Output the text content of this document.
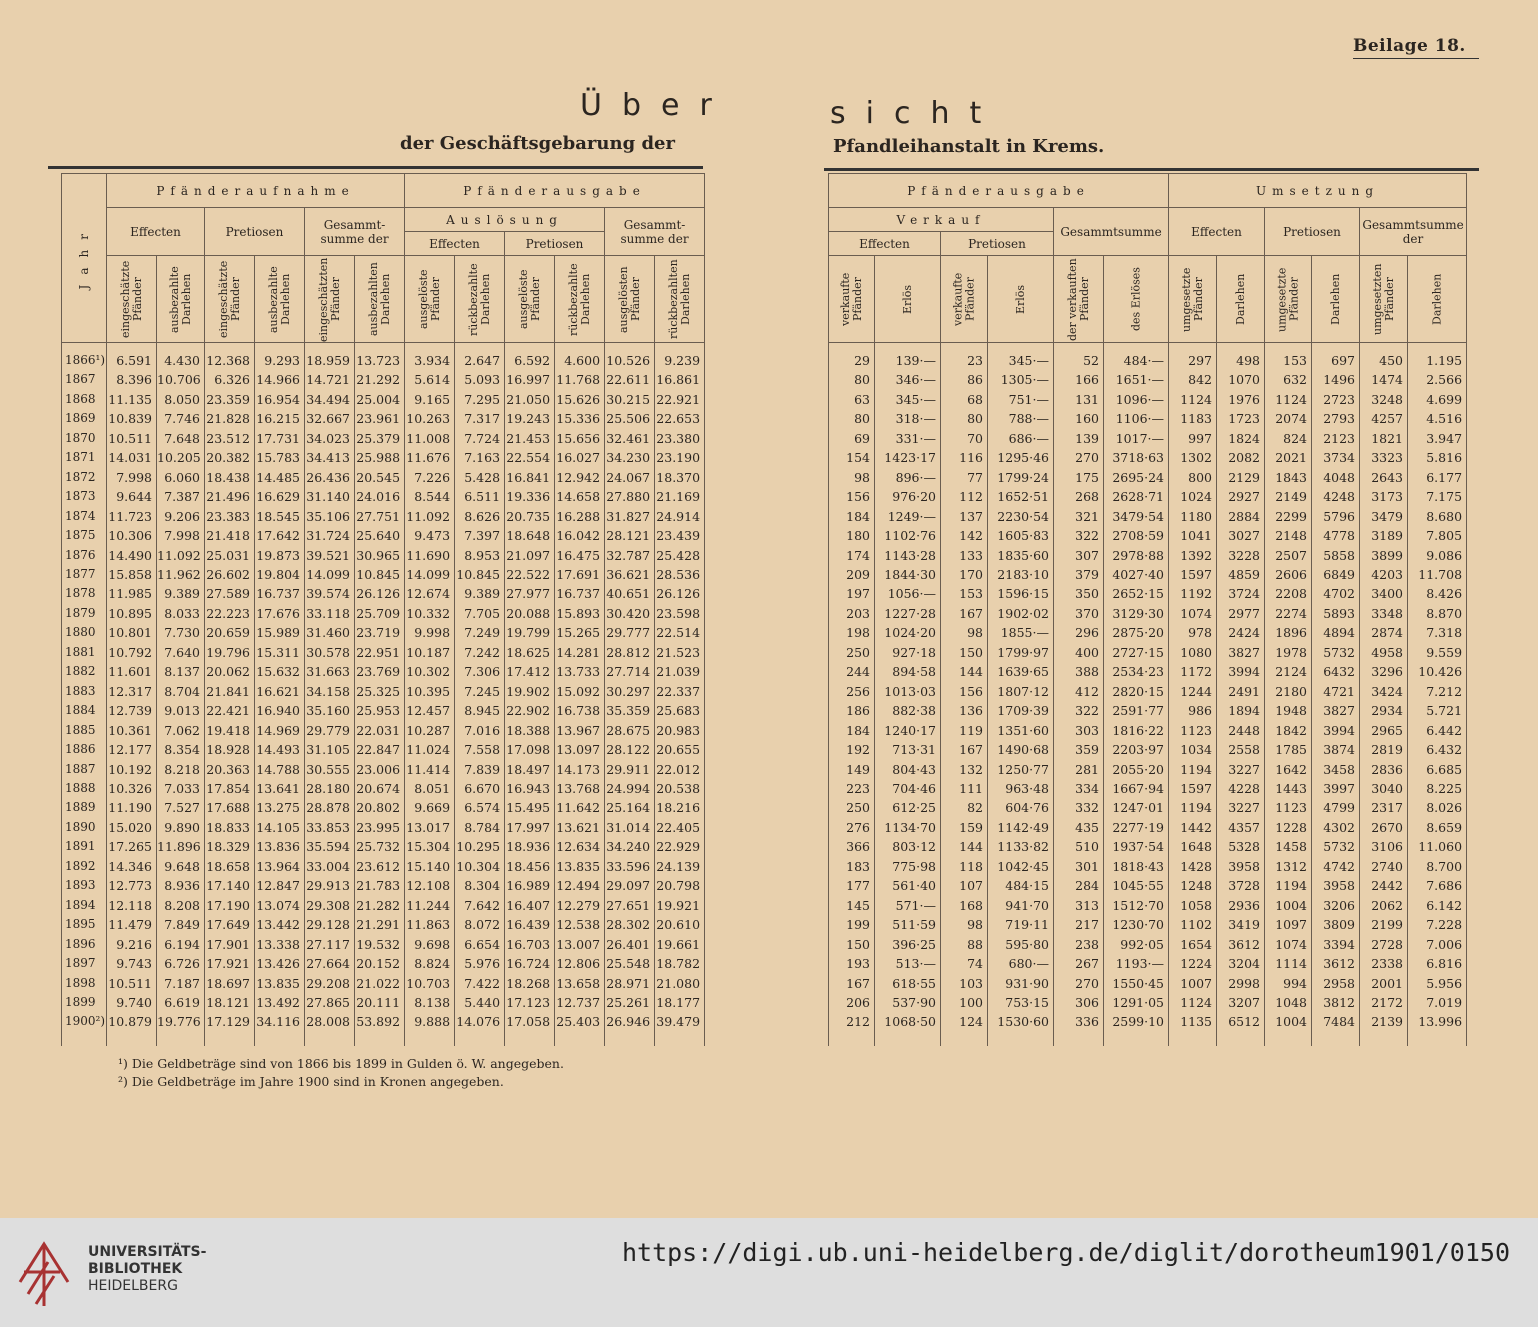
Beilage 18.
Über	sicht
der Geschäftsgebarung der	Pfandleihanstalt in Krems.
Jahr	Pfänderaufnahme						Pfänderausgabe					
	Effecten		Pretiosen		Gesammt-summe der		Auslösung				Gesammt-summe der	
							Effecten		Pretiosen			
	eingeschätzte Pfänder	ausbezahlte Darlehen	eingeschätzte Pfänder	ausbezahlte Darlehen	eingeschätzten Pfänder	ausbezahlten Darlehen	ausgelöste Pfänder	rückbezahlte Darlehen	ausgelöste Pfänder	rückbezahlte Darlehen	ausgelösten Pfänder	rückbezahlten Darlehen
1866¹)	6.591	4.430	12.368	9.293	18.959	13.723	3.934	2.647	6.592	4.600	10.526	9.239
1867	8.396	10.706	6.326	14.966	14.721	21.292	5.614	5.093	16.997	11.768	22.611	16.861
1868	11.135	8.050	23.359	16.954	34.494	25.004	9.165	7.295	21.050	15.626	30.215	22.921
1869	10.839	7.746	21.828	16.215	32.667	23.961	10.263	7.317	19.243	15.336	25.506	22.653
1870	10.511	7.648	23.512	17.731	34.023	25.379	11.008	7.724	21.453	15.656	32.461	23.380
1871	14.031	10.205	20.382	15.783	34.413	25.988	11.676	7.163	22.554	16.027	34.230	23.190
1872	7.998	6.060	18.438	14.485	26.436	20.545	7.226	5.428	16.841	12.942	24.067	18.370
1873	9.644	7.387	21.496	16.629	31.140	24.016	8.544	6.511	19.336	14.658	27.880	21.169
1874	11.723	9.206	23.383	18.545	35.106	27.751	11.092	8.626	20.735	16.288	31.827	24.914
1875	10.306	7.998	21.418	17.642	31.724	25.640	9.473	7.397	18.648	16.042	28.121	23.439
1876	14.490	11.092	25.031	19.873	39.521	30.965	11.690	8.953	21.097	16.475	32.787	25.428
1877	15.858	11.962	26.602	19.804	14.099	10.845	14.099	10.845	22.522	17.691	36.621	28.536
1878	11.985	9.389	27.589	16.737	39.574	26.126	12.674	9.389	27.977	16.737	40.651	26.126
1879	10.895	8.033	22.223	17.676	33.118	25.709	10.332	7.705	20.088	15.893	30.420	23.598
1880	10.801	7.730	20.659	15.989	31.460	23.719	9.998	7.249	19.799	15.265	29.777	22.514
1881	10.792	7.640	19.796	15.311	30.578	22.951	10.187	7.242	18.625	14.281	28.812	21.523
1882	11.601	8.137	20.062	15.632	31.663	23.769	10.302	7.306	17.412	13.733	27.714	21.039
1883	12.317	8.704	21.841	16.621	34.158	25.325	10.395	7.245	19.902	15.092	30.297	22.337
1884	12.739	9.013	22.421	16.940	35.160	25.953	12.457	8.945	22.902	16.738	35.359	25.683
1885	10.361	7.062	19.418	14.969	29.779	22.031	10.287	7.016	18.388	13.967	28.675	20.983
1886	12.177	8.354	18.928	14.493	31.105	22.847	11.024	7.558	17.098	13.097	28.122	20.655
1887	10.192	8.218	20.363	14.788	30.555	23.006	11.414	7.839	18.497	14.173	29.911	22.012
1888	10.326	7.033	17.854	13.641	28.180	20.674	8.051	6.670	16.943	13.768	24.994	20.538
1889	11.190	7.527	17.688	13.275	28.878	20.802	9.669	6.574	15.495	11.642	25.164	18.216
1890	15.020	9.890	18.833	14.105	33.853	23.995	13.017	8.784	17.997	13.621	31.014	22.405
1891	17.265	11.896	18.329	13.836	35.594	25.732	15.304	10.295	18.936	12.634	34.240	22.929
1892	14.346	9.648	18.658	13.964	33.004	23.612	15.140	10.304	18.456	13.835	33.596	24.139
1893	12.773	8.936	17.140	12.847	29.913	21.783	12.108	8.304	16.989	12.494	29.097	20.798
1894	12.118	8.208	17.190	13.074	29.308	21.282	11.244	7.642	16.407	12.279	27.651	19.921
1895	11.479	7.849	17.649	13.442	29.128	21.291	11.863	8.072	16.439	12.538	28.302	20.610
1896	9.216	6.194	17.901	13.338	27.117	19.532	9.698	6.654	16.703	13.007	26.401	19.661
1897	9.743	6.726	17.921	13.426	27.664	20.152	8.824	5.976	16.724	12.806	25.548	18.782
1898	10.511	7.187	18.697	13.835	29.208	21.022	10.703	7.422	18.268	13.658	28.971	21.080
1899	9.740	6.619	18.121	13.492	27.865	20.111	8.138	5.440	17.123	12.737	25.261	18.177
1900²)	10.879	19.776	17.129	34.116	28.008	53.892	9.888	14.076	17.058	25.403	26.946	39.479
¹) Die Geldbeträge sind von 1866 bis 1899 in Gulden ö. W. angegeben.
²) Die Geldbeträge im Jahre 1900 sind in Kronen angegeben.
Pfänderausgabe						Umsetzung					
Verkauf				Gesammtsumme		Effecten		Pretiosen		Gesammtsumme der	
Effecten		Pretiosen									
verkaufte Pfänder	Erlös	verkaufte Pfänder	Erlös	der verkauften Pfänder	des Erlöses	umgesetzte Pfänder	Darlehen	umgesetzte Pfänder	Darlehen	umgesetzten Pfänder	Darlehen
29	139·—	23	345·—	52	484·—	297	498	153	697	450	1.195
80	346·—	86	1305·—	166	1651·—	842	1070	632	1496	1474	2.566
63	345·—	68	751·—	131	1096·—	1124	1976	1124	2723	3248	4.699
80	318·—	80	788·—	160	1106·—	1183	1723	2074	2793	4257	4.516
69	331·—	70	686·—	139	1017·—	997	1824	824	2123	1821	3.947
154	1423·17	116	1295·46	270	3718·63	1302	2082	2021	3734	3323	5.816
98	896·—	77	1799·24	175	2695·24	800	2129	1843	4048	2643	6.177
156	976·20	112	1652·51	268	2628·71	1024	2927	2149	4248	3173	7.175
184	1249·—	137	2230·54	321	3479·54	1180	2884	2299	5796	3479	8.680
180	1102·76	142	1605·83	322	2708·59	1041	3027	2148	4778	3189	7.805
174	1143·28	133	1835·60	307	2978·88	1392	3228	2507	5858	3899	9.086
209	1844·30	170	2183·10	379	4027·40	1597	4859	2606	6849	4203	11.708
197	1056·—	153	1596·15	350	2652·15	1192	3724	2208	4702	3400	8.426
203	1227·28	167	1902·02	370	3129·30	1074	2977	2274	5893	3348	8.870
198	1024·20	98	1855·—	296	2875·20	978	2424	1896	4894	2874	7.318
250	927·18	150	1799·97	400	2727·15	1080	3827	1978	5732	4958	9.559
244	894·58	144	1639·65	388	2534·23	1172	3994	2124	6432	3296	10.426
256	1013·03	156	1807·12	412	2820·15	1244	2491	2180	4721	3424	7.212
186	882·38	136	1709·39	322	2591·77	986	1894	1948	3827	2934	5.721
184	1240·17	119	1351·60	303	1816·22	1123	2448	1842	3994	2965	6.442
192	713·31	167	1490·68	359	2203·97	1034	2558	1785	3874	2819	6.432
149	804·43	132	1250·77	281	2055·20	1194	3227	1642	3458	2836	6.685
223	704·46	111	963·48	334	1667·94	1597	4228	1443	3997	3040	8.225
250	612·25	82	604·76	332	1247·01	1194	3227	1123	4799	2317	8.026
276	1134·70	159	1142·49	435	2277·19	1442	4357	1228	4302	2670	8.659
366	803·12	144	1133·82	510	1937·54	1648	5328	1458	5732	3106	11.060
183	775·98	118	1042·45	301	1818·43	1428	3958	1312	4742	2740	8.700
177	561·40	107	484·15	284	1045·55	1248	3728	1194	3958	2442	7.686
145	571·—	168	941·70	313	1512·70	1058	2936	1004	3206	2062	6.142
199	511·59	98	719·11	217	1230·70	1102	3419	1097	3809	2199	7.228
150	396·25	88	595·80	238	992·05	1654	3612	1074	3394	2728	7.006
193	513·—	74	680·—	267	1193·—	1224	3204	1114	3612	2338	6.816
167	618·55	103	931·90	270	1550·45	1007	2998	994	2958	2001	5.956
206	537·90	100	753·15	306	1291·05	1124	3207	1048	3812	2172	7.019
212	1068·50	124	1530·60	336	2599·10	1135	6512	1004	7484	2139	13.996
UNIVERSITÄTS-
BIBLIOTHEK
HEIDELBERG
https://digi.ub.uni-heidelberg.de/diglit/dorotheum1901/0150
